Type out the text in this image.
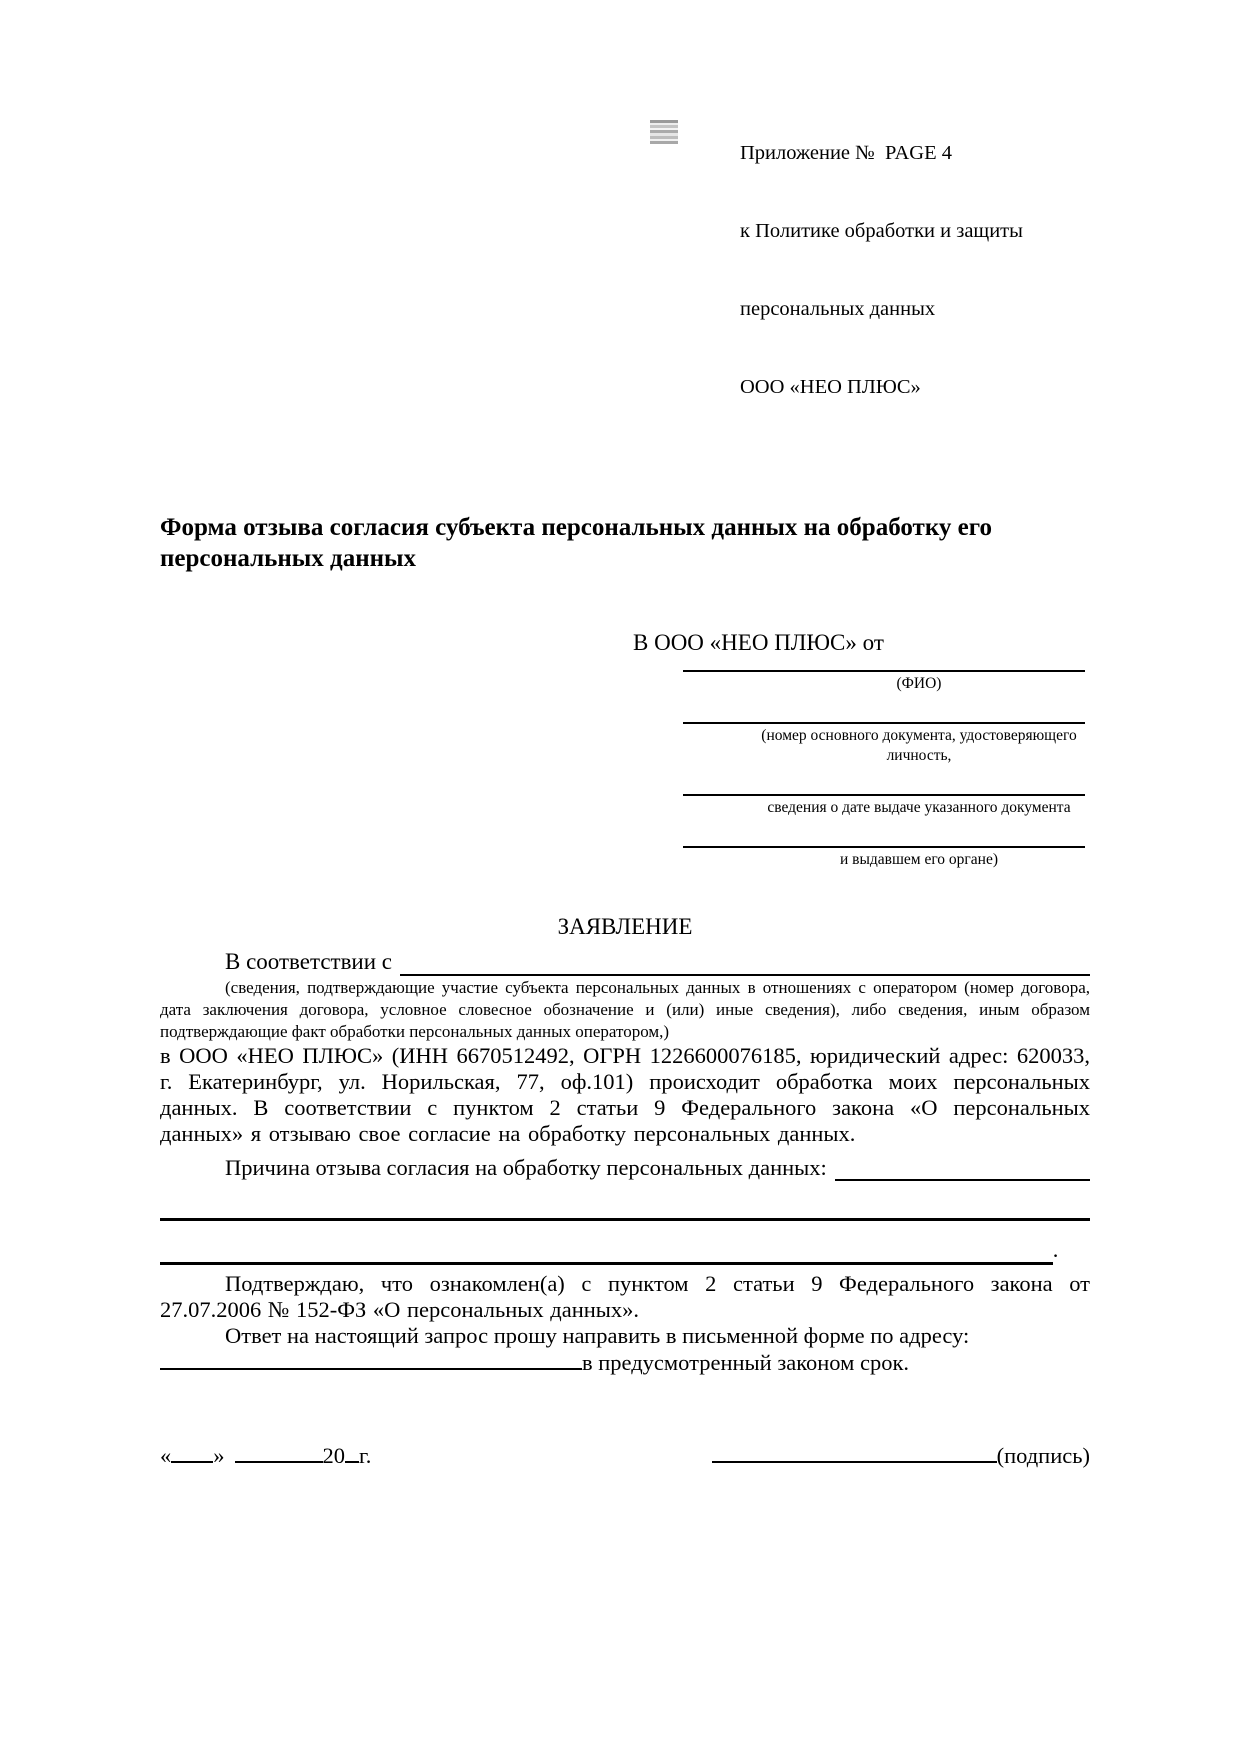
Приложение №  PAGE 4

к Политике обработки и защиты

персональных данных

ООО «НЕО ПЛЮС»

Форма отзыва согласия субъекта персональных данных на обработку его персональных данных
В ООО «НЕО ПЛЮС» от
(ФИО)
(номер основного документа, удостоверяющего личность,
сведения о дате выдаче указанного документа
и выдавшем его органе)
ЗАЯВЛЕНИЕ

В соответствии с

(сведения, подтверждающие участие субъекта персональных данных в отношениях с оператором (номер договора, дата заключения договора, условное словесное обозначение и (или) иные сведения), либо сведения, иным образом подтверждающие факт обработки персональных данных оператором,)

в ООО «НЕО ПЛЮС» (ИНН 6670512492, ОГРН 1226600076185, юридический адрес: 620033, г. Екатеринбург, ул. Норильская, 77, оф.101) происходит обработка моих персональных данных. В соответствии с пунктом 2 статьи 9 Федерального закона «О персональных данных» я отзываю свое согласие на обработку персональных данных.

Причина отзыва согласия на обработку персональных данных:

.

Подтверждаю, что ознакомлен(а) с пунктом 2 статьи 9 Федерального закона от 27.07.2006 № 152-ФЗ «О персональных данных».

Ответ на настоящий запрос прошу направить в письменной форме по адресу:

в предусмотренный законом срок.

« »	20 г.	(подпись)
